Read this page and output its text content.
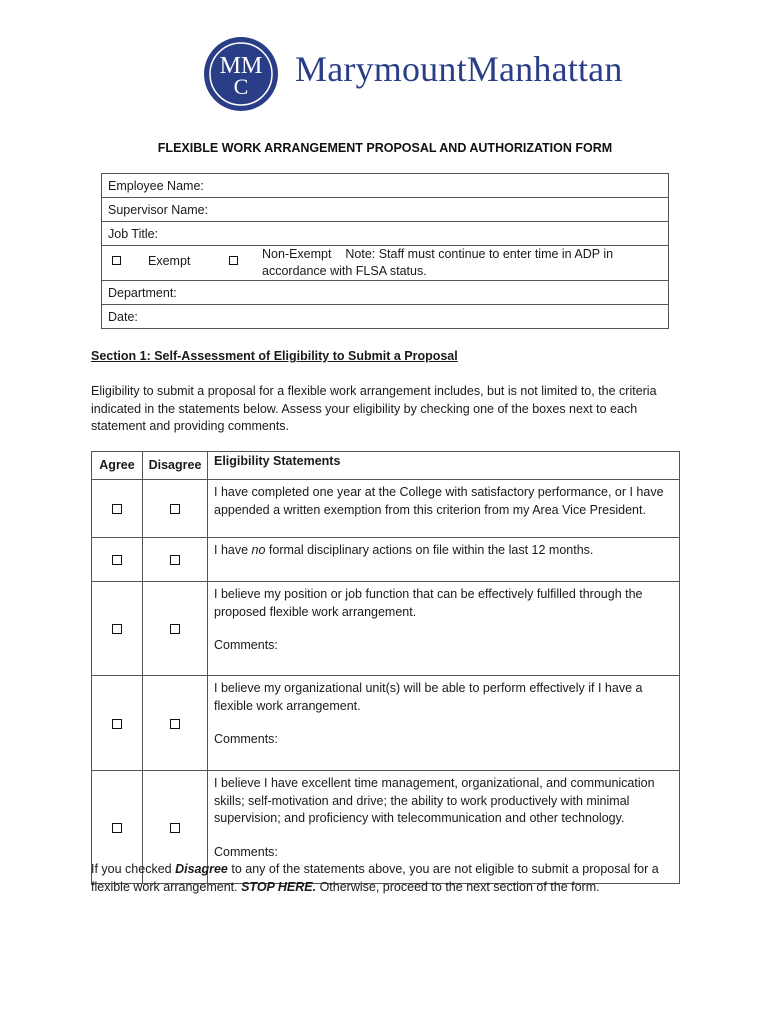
MM
C MarymountManhattan
FLEXIBLE WORK ARRANGEMENT PROPOSAL AND AUTHORIZATION FORM
Employee Name:
Supervisor Name:
Job Title:

Exempt	Non-Exempt    Note: Staff must continue to enter time in ADP in
accordance with FLSA status.

Department:
Date:
Section 1: Self-Assessment of Eligibility to Submit a Proposal
Eligibility to submit a proposal for a flexible work arrangement includes, but is not limited to, the criteria indicated in the statements below. Assess your eligibility by checking one of the boxes next to each statement and providing comments.
Agree	Disagree	Eligibility Statements

		I have completed one year at the College with satisfactory performance, or I have appended a written exemption from this criterion from my Area Vice President.

		I have no formal disciplinary actions on file within the last 12 months.

		I believe my position or job function that can be effectively fulfilled through the proposed flexible work arrangement.
Comments:

		I believe my organizational unit(s) will be able to perform effectively if I have a flexible work arrangement.
Comments:

		I believe I have excellent time management, organizational, and communication skills; self-motivation and drive; the ability to work productively with minimal supervision; and proficiency with telecommunication and other technology.
Comments:
If you checked Disagree to any of the statements above, you are not eligible to submit a proposal for a flexible work arrangement. STOP HERE. Otherwise, proceed to the next section of the form.
